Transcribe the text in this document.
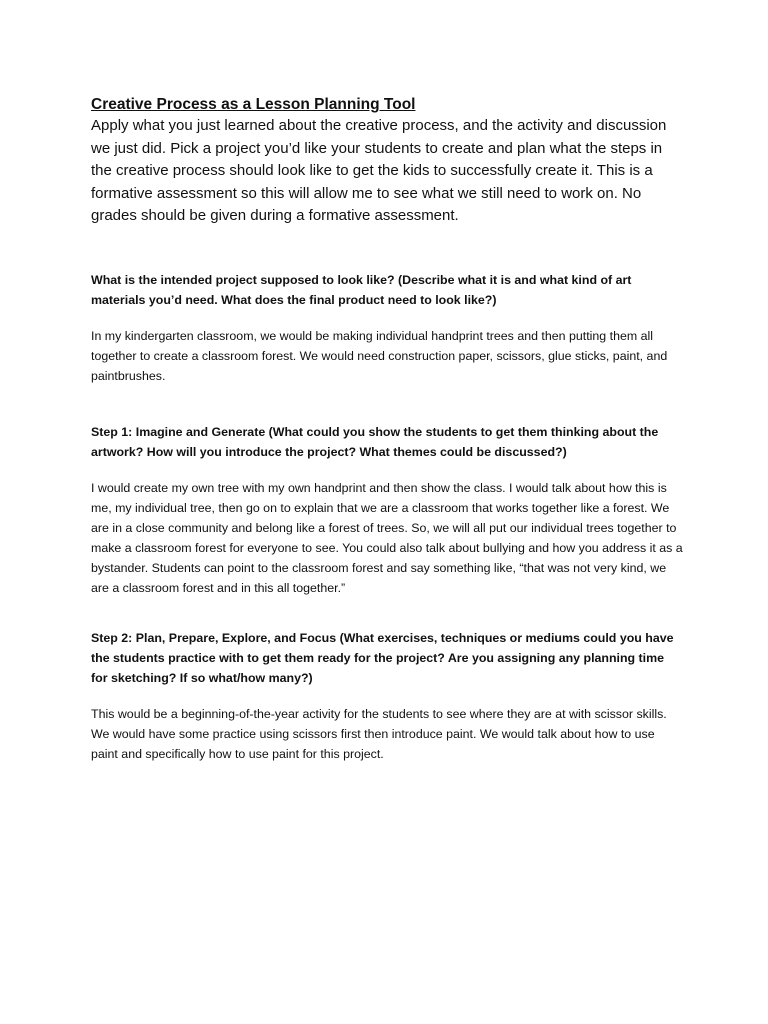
Creative Process as a Lesson Planning Tool

Apply what you just learned about the creative process, and the activity and discussion we just did. Pick a project you’d like your students to create and plan what the steps in the creative process should look like to get the kids to successfully create it. This is a formative assessment so this will allow me to see what we still need to work on. No grades should be given during a formative assessment.

What is the intended project supposed to look like? (Describe what it is and what kind of art materials you’d need. What does the final product need to look like?)

In my kindergarten classroom, we would be making individual handprint trees and then putting them all together to create a classroom forest. We would need construction paper, scissors, glue sticks, paint, and paintbrushes.

Step 1: Imagine and Generate (What could you show the students to get them thinking about the artwork? How will you introduce the project? What themes could be discussed?)

I would create my own tree with my own handprint and then show the class. I would talk about how this is me, my individual tree, then go on to explain that we are a classroom that works together like a forest. We are in a close community and belong like a forest of trees. So, we will all put our individual trees together to make a classroom forest for everyone to see. You could also talk about bullying and how you address it as a bystander. Students can point to the classroom forest and say something like, “that was not very kind, we are a classroom forest and in this all together.”

Step 2: Plan, Prepare, Explore, and Focus (What exercises, techniques or mediums could you have the students practice with to get them ready for the project? Are you assigning any planning time for sketching? If so what/how many?)

This would be a beginning-of-the-year activity for the students to see where they are at with scissor skills. We would have some practice using scissors first then introduce paint. We would talk about how to use paint and specifically how to use paint for this project.
